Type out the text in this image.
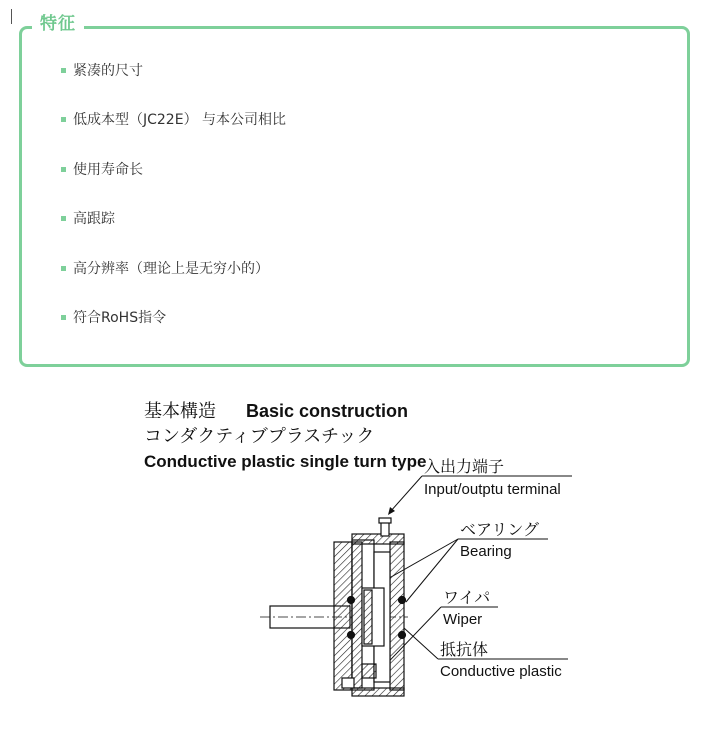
特征
紧凑的尺寸
低成本型（JC22E） 与本公司相比
使用寿命长
高跟踪
高分辨率（理论上是无穷小的）
符合RoHS指令
基本構造 Basic construction
コンダクティブプラスチック
Conductive plastic single turn type
入出力端子
Input/outptu terminal
ベアリング
Bearing
ワイパ
Wiper
抵抗体
Conductive plastic
